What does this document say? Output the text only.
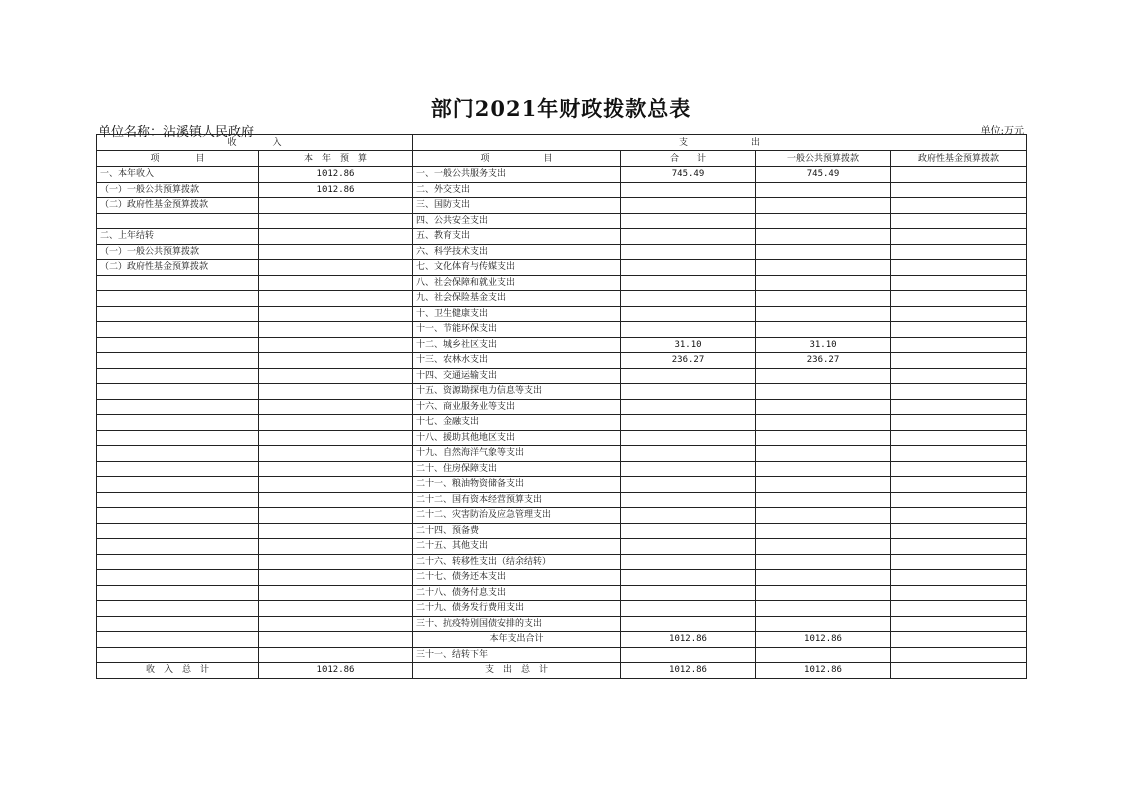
部门2021年财政拨款总表
单位名称：沾溪镇人民政府	单位:万元
收　　　　入		支　　　　　　　出			
项　　　　目	本　年　预　算	项　　　　　　目	合　　计	一般公共预算拨款	政府性基金预算拨款
一、本年收入	1012.86	一、一般公共服务支出	745.49	745.49	
（一）一般公共预算拨款	1012.86	二、外交支出			
（二）政府性基金预算拨款		三、国防支出			
		四、公共安全支出			
二、上年结转		五、教育支出			
（一）一般公共预算拨款		六、科学技术支出			
（二）政府性基金预算拨款		七、文化体育与传媒支出			
		八、社会保障和就业支出			
		九、社会保险基金支出			
		十、卫生健康支出			
		十一、节能环保支出			
		十二、城乡社区支出	31.10	31.10	
		十三、农林水支出	236.27	236.27	
		十四、交通运输支出			
		十五、资源勘探电力信息等支出			
		十六、商业服务业等支出			
		十七、金融支出			
		十八、援助其他地区支出			
		十九、自然海洋气象等支出			
		二十、住房保障支出			
		二十一、粮油物资储备支出			
		二十二、国有资本经营预算支出			
		二十二、灾害防治及应急管理支出			
		二十四、预备费			
		二十五、其他支出			
		二十六、转移性支出（结余结转）			
		二十七、债务还本支出			
		二十八、债务付息支出			
		二十九、债务发行费用支出			
		三十、抗疫特别国债安排的支出			
		本年支出合计	1012.86	1012.86	
		三十一、结转下年			
收　入　总　计	1012.86	支　出　总　计	1012.86	1012.86	
